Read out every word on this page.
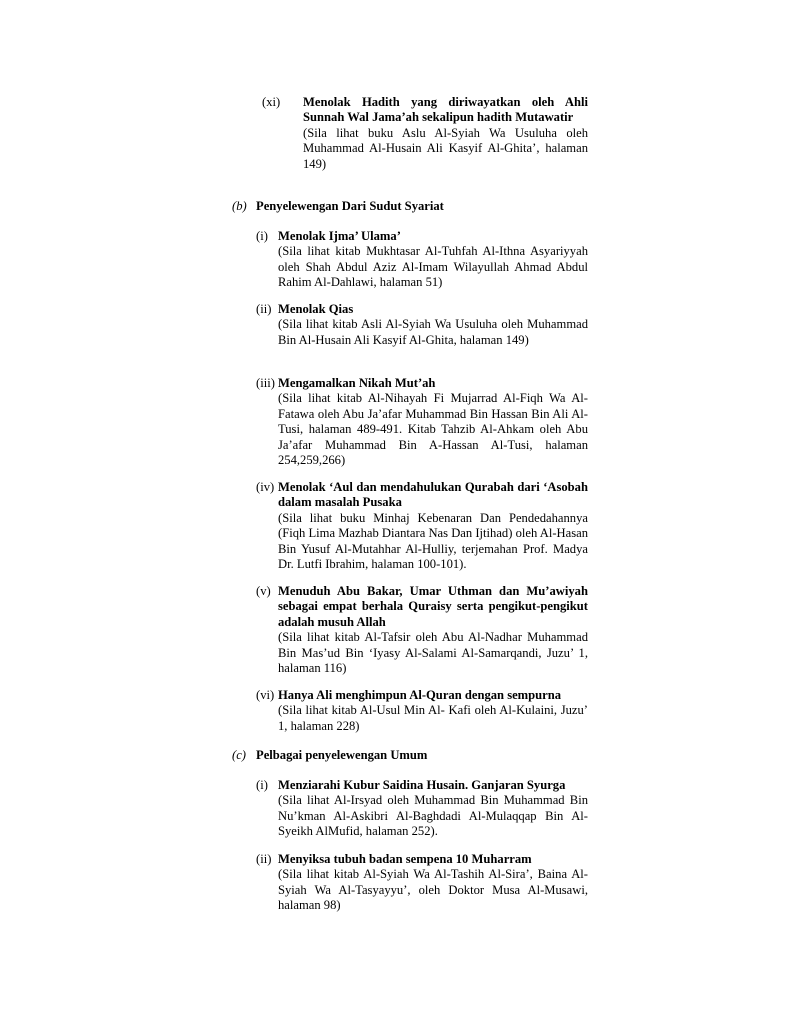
(xi) Menolak Hadith yang diriwayatkan oleh Ahli Sunnah Wal Jama’ah sekalipun hadith Mutawatir
(Sila lihat buku Aslu Al-Syiah Wa Usuluha oleh Muhammad Al-Husain Ali Kasyif Al-Ghita’, halaman 149)
(b) Penyelewengan Dari Sudut Syariat
(i) Menolak Ijma’ Ulama’
(Sila lihat kitab Mukhtasar Al-Tuhfah Al-Ithna Asyariyyah oleh Shah Abdul Aziz Al-Imam Wilayullah Ahmad Abdul Rahim Al-Dahlawi, halaman 51)
(ii) Menolak Qias
(Sila lihat kitab Asli Al-Syiah Wa Usuluha oleh Muhammad Bin Al-Husain Ali Kasyif Al-Ghita, halaman 149)
(iii) Mengamalkan Nikah Mut’ah
(Sila lihat kitab Al-Nihayah Fi Mujarrad Al-Fiqh Wa Al-Fatawa oleh Abu Ja’afar Muhammad Bin Hassan Bin Ali Al-Tusi, halaman 489-491. Kitab Tahzib Al-Ahkam oleh Abu Ja’afar Muhammad Bin A-Hassan Al-Tusi, halaman 254,259,266)
(iv) Menolak ‘Aul dan mendahulukan Qurabah dari ‘Asobah dalam masalah Pusaka
(Sila lihat buku Minhaj Kebenaran Dan Pendedahannya (Fiqh Lima Mazhab Diantara Nas Dan Ijtihad) oleh Al-Hasan Bin Yusuf Al-Mutahhar Al-Hulliy, terjemahan Prof. Madya Dr. Lutfi Ibrahim, halaman 100-101).
(v) Menuduh Abu Bakar, Umar Uthman dan Mu’awiyah sebagai empat berhala Quraisy serta pengikut-pengikut adalah musuh Allah
(Sila lihat kitab Al-Tafsir oleh Abu Al-Nadhar Muhammad Bin Mas’ud Bin ‘Iyasy Al-Salami Al-Samarqandi, Juzu’ 1, halaman 116)
(vi) Hanya Ali menghimpun Al-Quran dengan sempurna
(Sila lihat kitab Al-Usul Min Al- Kafi oleh Al-Kulaini, Juzu’ 1, halaman 228)
(c) Pelbagai penyelewengan Umum
(i) Menziarahi Kubur Saidina Husain. Ganjaran Syurga
(Sila lihat Al-Irsyad oleh Muhammad Bin Muhammad Bin Nu’kman Al-Askibri Al-Baghdadi Al-Mulaqqap Bin Al-Syeikh AlMufid, halaman 252).
(ii) Menyiksa tubuh badan sempena 10 Muharram
(Sila lihat kitab Al-Syiah Wa Al-Tashih Al-Sira’, Baina Al-Syiah Wa Al-Tasyayyu’, oleh Doktor Musa Al-Musawi, halaman 98)
